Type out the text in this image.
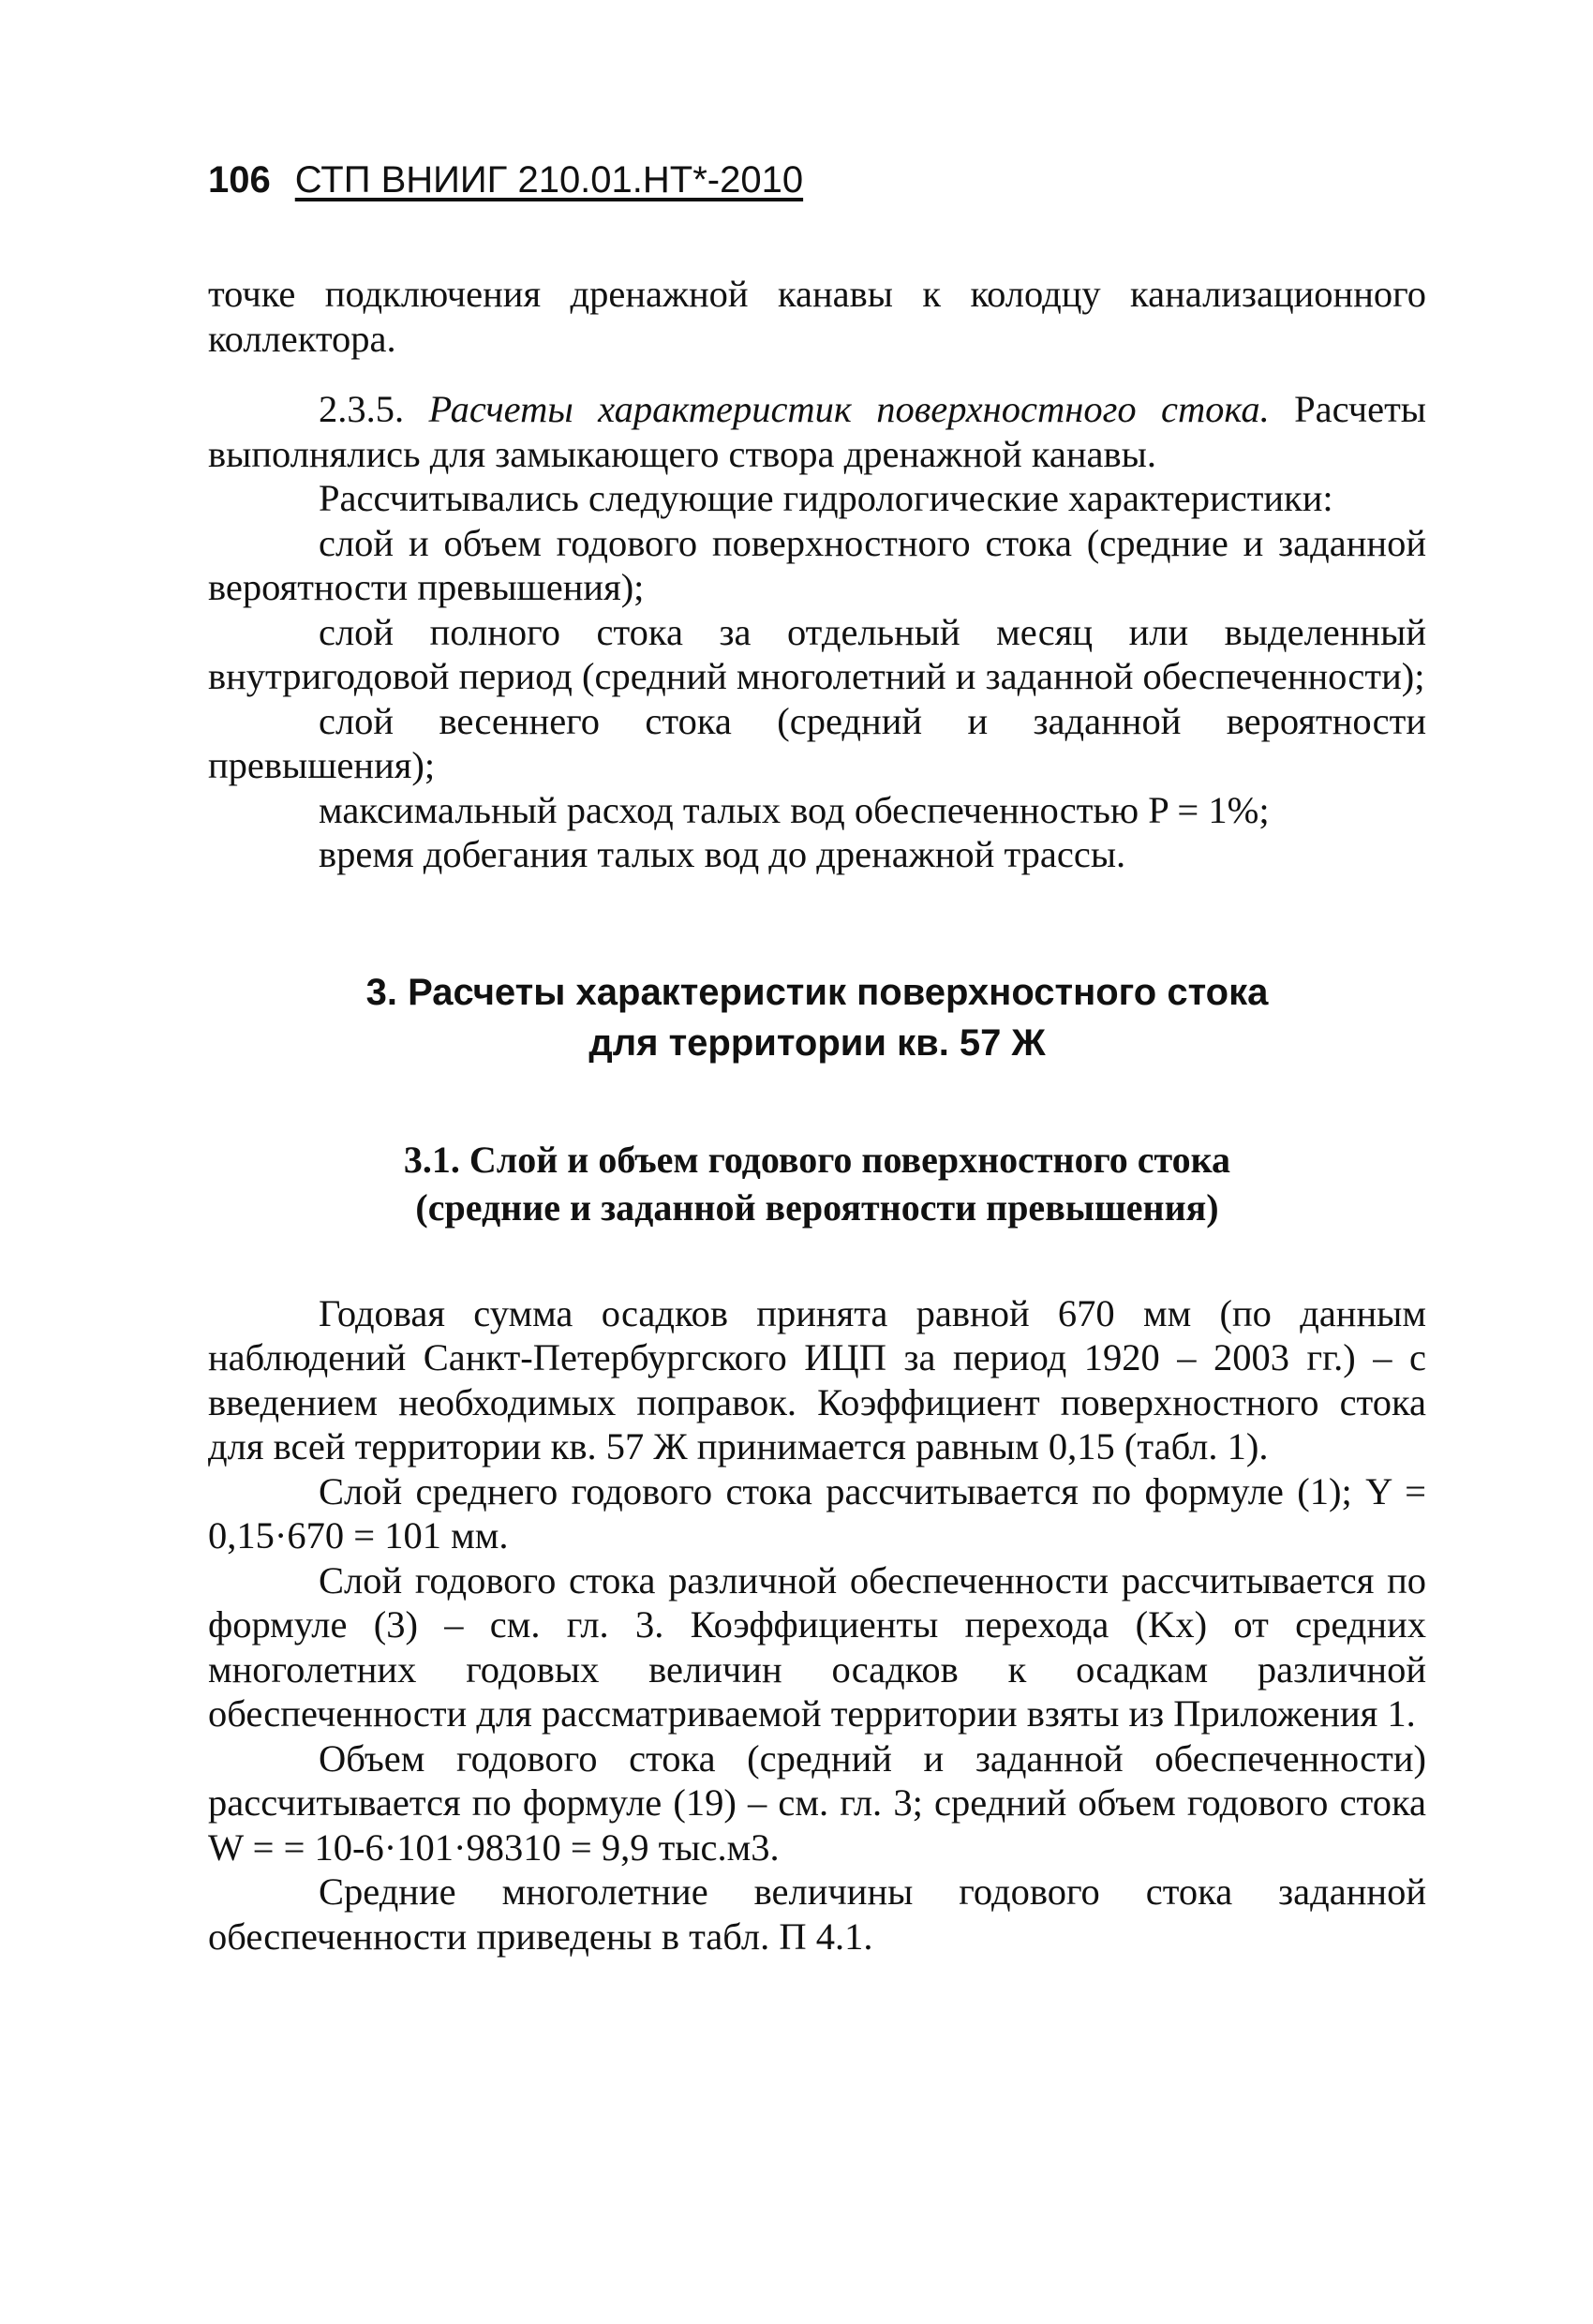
106 СТП ВНИИГ 210.01.НТ*-2010

точке подключения дренажной канавы к колодцу канализационного коллектора.

2.3.5. Расчеты характеристик поверхностного стока. Расчеты выполнялись для замыкающего створа дренажной канавы.

Рассчитывались следующие гидрологические характеристики:

слой и объем годового поверхностного стока (средние и заданной вероятности превышения);

слой полного стока за отдельный месяц или выделенный внутригодовой период (средний многолетний и заданной обеспеченности);

слой весеннего стока (средний и заданной вероятности превышения);

максимальный расход талых вод обеспеченностью P = 1%;

время добегания талых вод до дренажной трассы.

3. Расчеты характеристик поверхностного стока
для территории кв. 57 Ж
3.1. Слой и объем годового поверхностного стока
(средние и заданной вероятности превышения)

Годовая сумма осадков принята равной 670 мм (по данным наблюдений Санкт-Петербургского ИЦП за период 1920 – 2003 гг.) – с введением необходимых поправок. Коэффициент поверхностного стока для всей территории кв. 57 Ж принимается равным 0,15 (табл. 1).

Слой среднего годового стока рассчитывается по формуле (1); Y = 0,15·670 = 101 мм.

Слой годового стока различной обеспеченности рассчитывается по формуле (3) – см. гл. 3. Коэффициенты перехода (Kx) от средних многолетних годовых величин осадков к осадкам различной обеспеченности для рассматриваемой территории взяты из Приложения 1.

Объем годового стока (средний и заданной обеспеченности) рассчитывается по формуле (19) – см. гл. 3; средний объем годового стока W = = 10-6·101·98310 = 9,9 тыс.м3.

Средние многолетние величины годового стока заданной обеспеченности приведены в табл. П 4.1.
